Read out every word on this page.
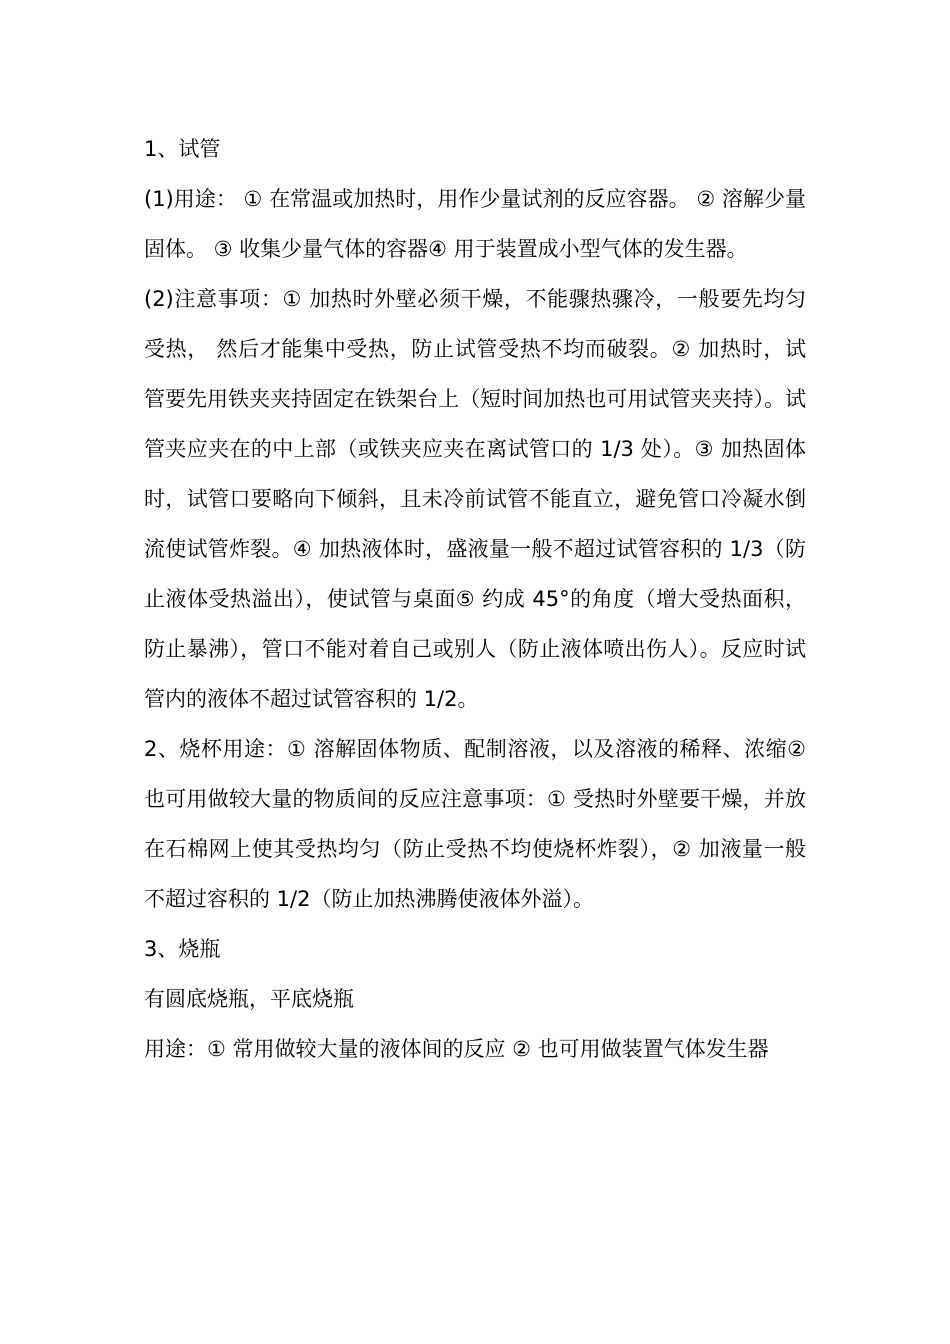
1、试管

(1)用途： ① 在常温或加热时，用作少量试剂的反应容器。 ② 溶解少量固体。 ③ 收集少量气体的容器④ 用于装置成小型气体的发生器。

(2)注意事项：① 加热时外壁必须干燥，不能骤热骤冷，一般要先均匀受热， 然后才能集中受热，防止试管受热不均而破裂。② 加热时，试管要先用铁夹夹持固定在铁架台上（短时间加热也可用试管夹夹持）。试管夹应夹在的中上部（或铁夹应夹在离试管口的 1/3 处）。③ 加热固体时，试管口要略向下倾斜，且未冷前试管不能直立，避免管口冷凝水倒流使试管炸裂。④ 加热液体时，盛液量一般不超过试管容积的 1/3（防止液体受热溢出），使试管与桌面⑤ 约成 45°的角度（增大受热面积，防止暴沸），管口不能对着自己或别人（防止液体喷出伤人）。反应时试管内的液体不超过试管容积的 1/2。

2、烧杯用途：① 溶解固体物质、配制溶液，以及溶液的稀释、浓缩② 也可用做较大量的物质间的反应注意事项：① 受热时外壁要干燥，并放在石棉网上使其受热均匀（防止受热不均使烧杯炸裂），② 加液量一般不超过容积的 1/2（防止加热沸腾使液体外溢）。

3、烧瓶

有圆底烧瓶，平底烧瓶

用途：① 常用做较大量的液体间的反应 ② 也可用做装置气体发生器
